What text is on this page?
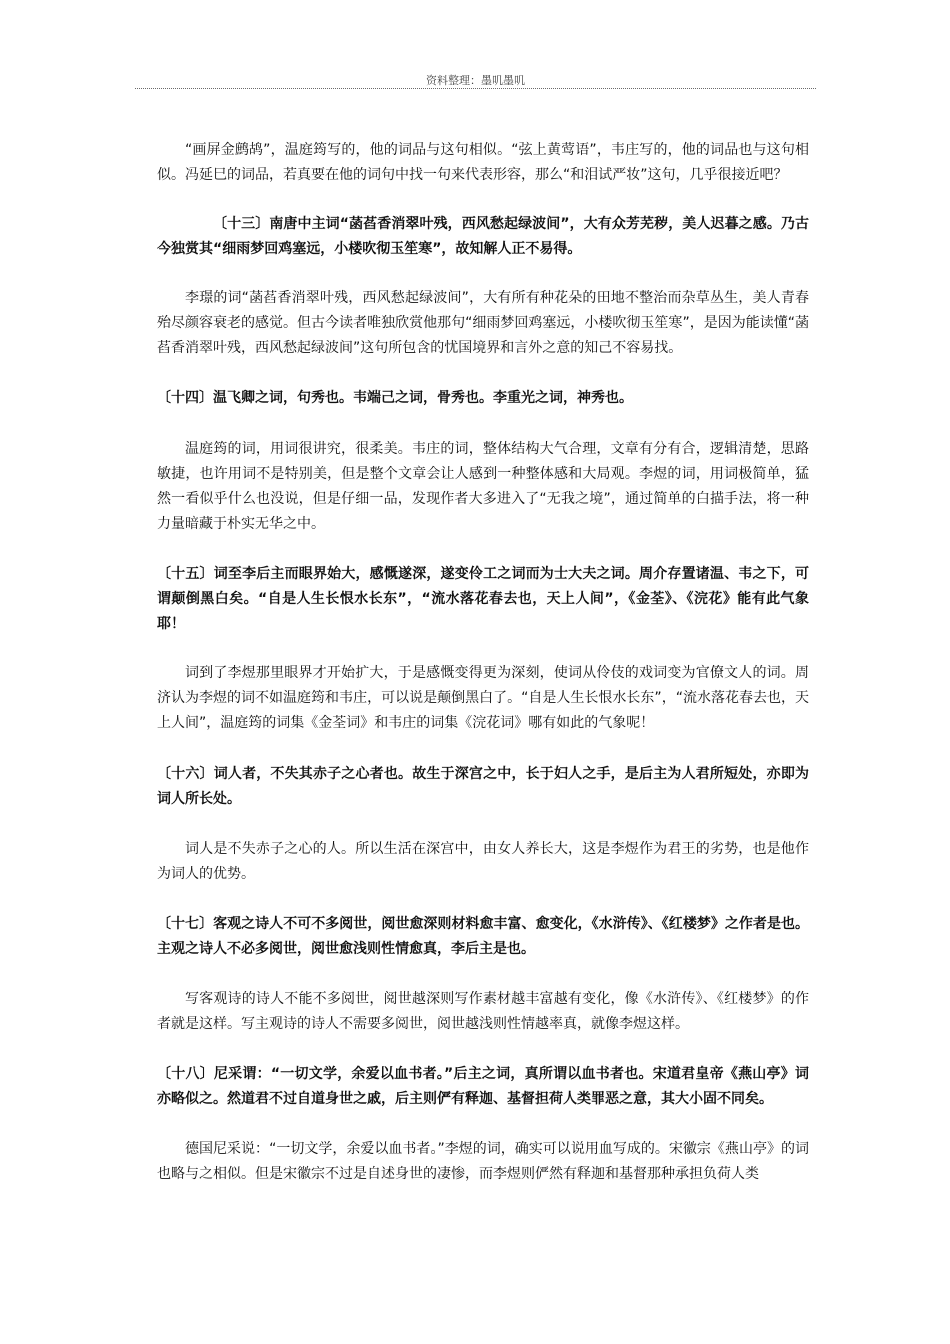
资料整理：墨叽墨叽

“画屏金鹧鸪”，温庭筠写的，他的词品与这句相似。“弦上黄莺语”，韦庄写的，他的词品也与这句相似。冯延巳的词品，若真要在他的词句中找一句来代表形容，那么“和泪试严妆”这句，几乎很接近吧？

〔十三〕南唐中主词“菡萏香消翠叶残，西风愁起绿波间”，大有众芳芜秽，美人迟暮之感。乃古今独赏其“细雨梦回鸡塞远，小楼吹彻玉笙寒”，故知解人正不易得。

李璟的词“菡萏香消翠叶残，西风愁起绿波间”，大有所有种花朵的田地不整治而杂草丛生，美人青春殆尽颜容衰老的感觉。但古今读者唯独欣赏他那句“细雨梦回鸡塞远，小楼吹彻玉笙寒”，是因为能读懂“菡萏香消翠叶残，西风愁起绿波间”这句所包含的忧国境界和言外之意的知己不容易找。

〔十四〕温飞卿之词，句秀也。韦端己之词，骨秀也。李重光之词，神秀也。

温庭筠的词，用词很讲究，很柔美。韦庄的词，整体结构大气合理，文章有分有合，逻辑清楚，思路敏捷，也许用词不是特别美，但是整个文章会让人感到一种整体感和大局观。李煜的词，用词极简单，猛然一看似乎什么也没说，但是仔细一品，发现作者大多进入了“无我之境”，通过简单的白描手法，将一种力量暗藏于朴实无华之中。

〔十五〕词至李后主而眼界始大，感慨遂深，遂变伶工之词而为士大夫之词。周介存置诸温、韦之下，可谓颠倒黑白矣。“自是人生长恨水长东”，“流水落花春去也，天上人间”，《金荃》、《浣花》能有此气象耶！

词到了李煜那里眼界才开始扩大，于是感慨变得更为深刻，使词从伶伎的戏词变为官僚文人的词。周济认为李煜的词不如温庭筠和韦庄，可以说是颠倒黑白了。“自是人生长恨水长东”，“流水落花春去也，天上人间”，温庭筠的词集《金荃词》和韦庄的词集《浣花词》哪有如此的气象呢！

〔十六〕词人者，不失其赤子之心者也。故生于深宫之中，长于妇人之手，是后主为人君所短处，亦即为词人所长处。

词人是不失赤子之心的人。所以生活在深宫中，由女人养长大，这是李煜作为君王的劣势，也是他作为词人的优势。

〔十七〕客观之诗人不可不多阅世，阅世愈深则材料愈丰富、愈变化，《水浒传》、《红楼梦》之作者是也。主观之诗人不必多阅世，阅世愈浅则性情愈真，李后主是也。

写客观诗的诗人不能不多阅世，阅世越深则写作素材越丰富越有变化，像《水浒传》、《红楼梦》的作者就是这样。写主观诗的诗人不需要多阅世，阅世越浅则性情越率真，就像李煜这样。

〔十八〕尼采谓：“一切文学，余爱以血书者。”后主之词，真所谓以血书者也。宋道君皇帝《燕山亭》词亦略似之。然道君不过自道身世之戚，后主则俨有释迦、基督担荷人类罪恶之意，其大小固不同矣。

德国尼采说：“一切文学，余爱以血书者。”李煜的词，确实可以说用血写成的。宋徽宗《燕山亭》的词也略与之相似。但是宋徽宗不过是自述身世的凄惨，而李煜则俨然有释迦和基督那种承担负荷人类
